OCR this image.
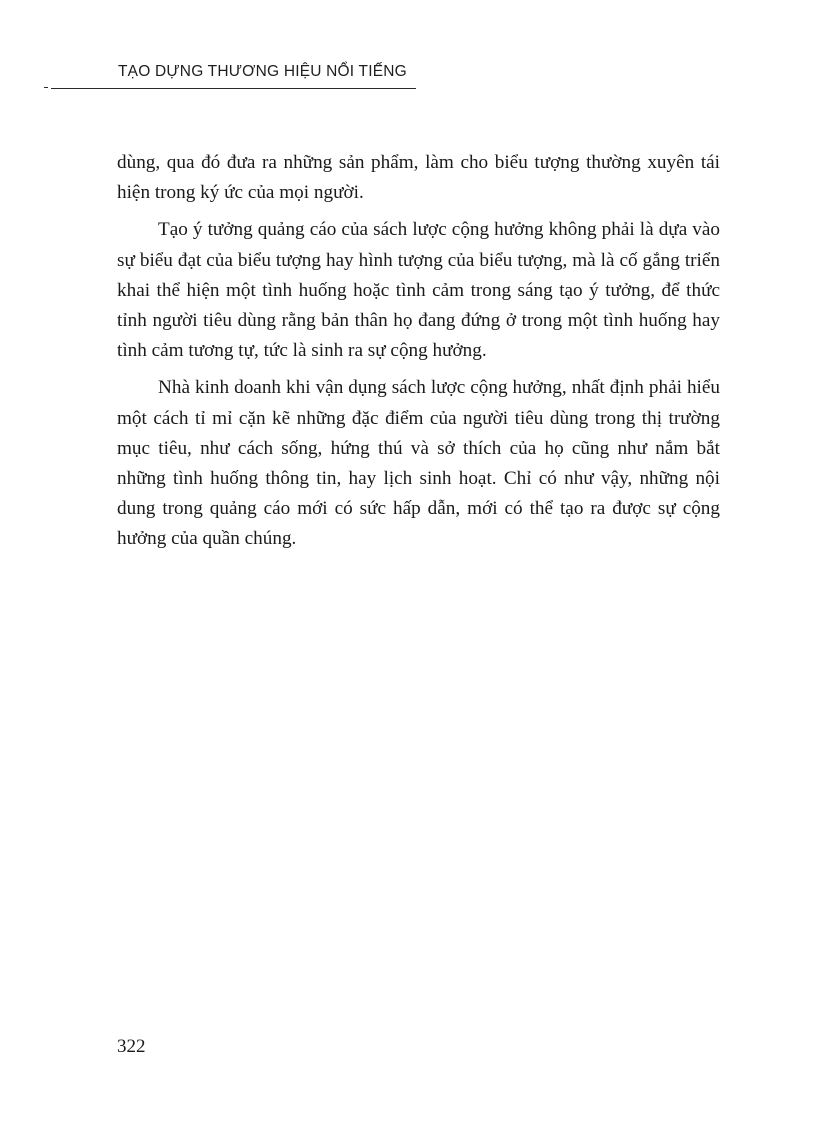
TẠO DỰNG THƯƠNG HIỆU NỔI TIẾNG

dùng, qua đó đưa ra những sản phẩm, làm cho biểu tượng thường xuyên tái hiện trong ký ức của mọi người.

Tạo ý tưởng quảng cáo của sách lược cộng hưởng không phải là dựa vào sự biểu đạt của biểu tượng hay hình tượng của biểu tượng, mà là cố gắng triển khai thể hiện một tình huống hoặc tình cảm trong sáng tạo ý tưởng, để thức tỉnh người tiêu dùng rằng bản thân họ đang đứng ở trong một tình huống hay tình cảm tương tự, tức là sinh ra sự cộng hưởng.

Nhà kinh doanh khi vận dụng sách lược cộng hưởng, nhất định phải hiểu một cách tỉ mỉ cặn kẽ những đặc điểm của người tiêu dùng trong thị trường mục tiêu, như cách sống, hứng thú và sở thích của họ cũng như nắm bắt những tình huống thông tin, hay lịch sinh hoạt. Chỉ có như vậy, những nội dung trong quảng cáo mới có sức hấp dẫn, mới có thể tạo ra được sự cộng hưởng của quần chúng.

322
